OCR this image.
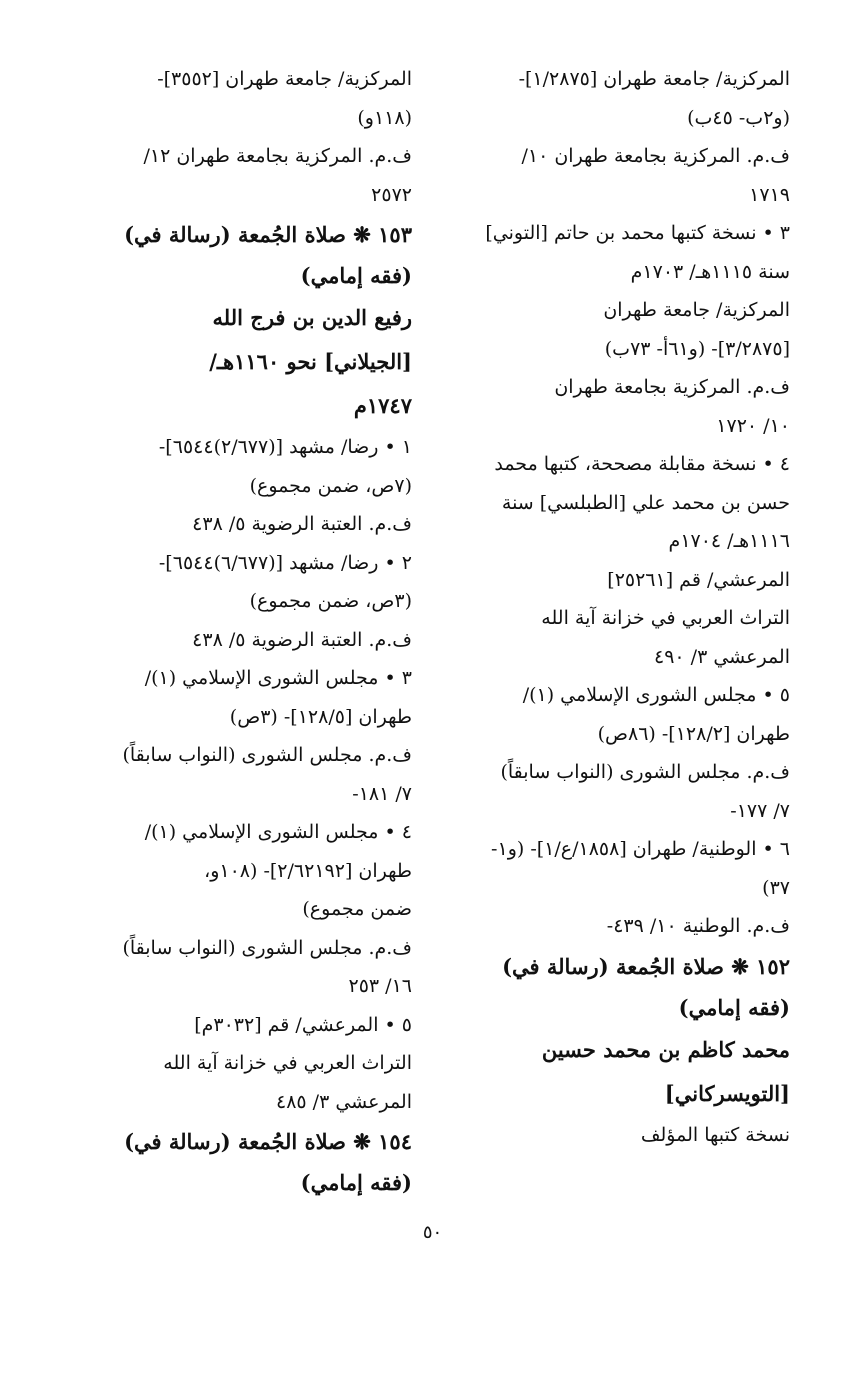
المركزية/ جامعة طهران [١/٢٨٧٥]-
(و٢ب- ٤٥ب)
ف.م. المركزية بجامعة طهران ١٠/
١٧١٩
٣ • نسخة كتبها محمد بن حاتم [التوني]
سنة ١١١٥هـ/ ١٧٠٣م
المركزية/ جامعة طهران
[٣/٢٨٧٥]- (و٦١أ- ٧٣ب)
ف.م. المركزية بجامعة طهران
١٠/ ١٧٢٠
٤ • نسخة مقابلة مصححة، كتبها محمد
حسن بن محمد علي [الطبلسي] سنة
١١١٦هـ/ ١٧٠٤م
المرعشي/ قم [٢٥٢٦١]
التراث العربي في خزانة آية الله
المرعشي ٣/ ٤٩٠
٥ • مجلس الشورى الإسلامي (١)/
طهران [١٢٨/٢]- (٨٦ص)
ف.م. مجلس الشورى (النواب سابقاً)
٧/ ١٧٧-
٦ • الوطنية/ طهران [١٨٥٨/ع/١]- (و١-
٣٧)
ف.م. الوطنية ١٠/ ٤٣٩-
١٥٢ ❋ صلاة الجُمعة (رسالة في)
(فقه إمامي)
محمد كاظم بن محمد حسين
[التويسركاني]
نسخة كتبها المؤلف
المركزية/ جامعة طهران [٣٥٥٢]-
(١١٨و)
ف.م. المركزية بجامعة طهران ١٢/
٢٥٧٢
١٥٣ ❋ صلاة الجُمعة (رسالة في)
(فقه إمامي)
رفيع الدين بن فرج الله
[الجيلاني] نحو ١١٦٠هـ/
١٧٤٧م
١ • رضا/ مشهد [(٢/٦٧٧)٦٥٤٤]-
(٧ص، ضمن مجموع)
ف.م. العتبة الرضوية ٥/ ٤٣٨
٢ • رضا/ مشهد [(٦/٦٧٧)٦٥٤٤]-
(٣ص، ضمن مجموع)
ف.م. العتبة الرضوية ٥/ ٤٣٨
٣ • مجلس الشورى الإسلامي (١)/
طهران [١٢٨/٥]- (٣ص)
ف.م. مجلس الشورى (النواب سابقاً)
٧/ ١٨١-
٤ • مجلس الشورى الإسلامي (١)/
طهران [٢/٦٢١٩٢]- (١٠٨و،
ضمن مجموع)
ف.م. مجلس الشورى (النواب سابقاً)
١٦/ ٢٥٣
٥ • المرعشي/ قم [٣٠٣٢م]
التراث العربي في خزانة آية الله
المرعشي ٣/ ٤٨٥
١٥٤ ❋ صلاة الجُمعة (رسالة في)
(فقه إمامي)
٥٠
